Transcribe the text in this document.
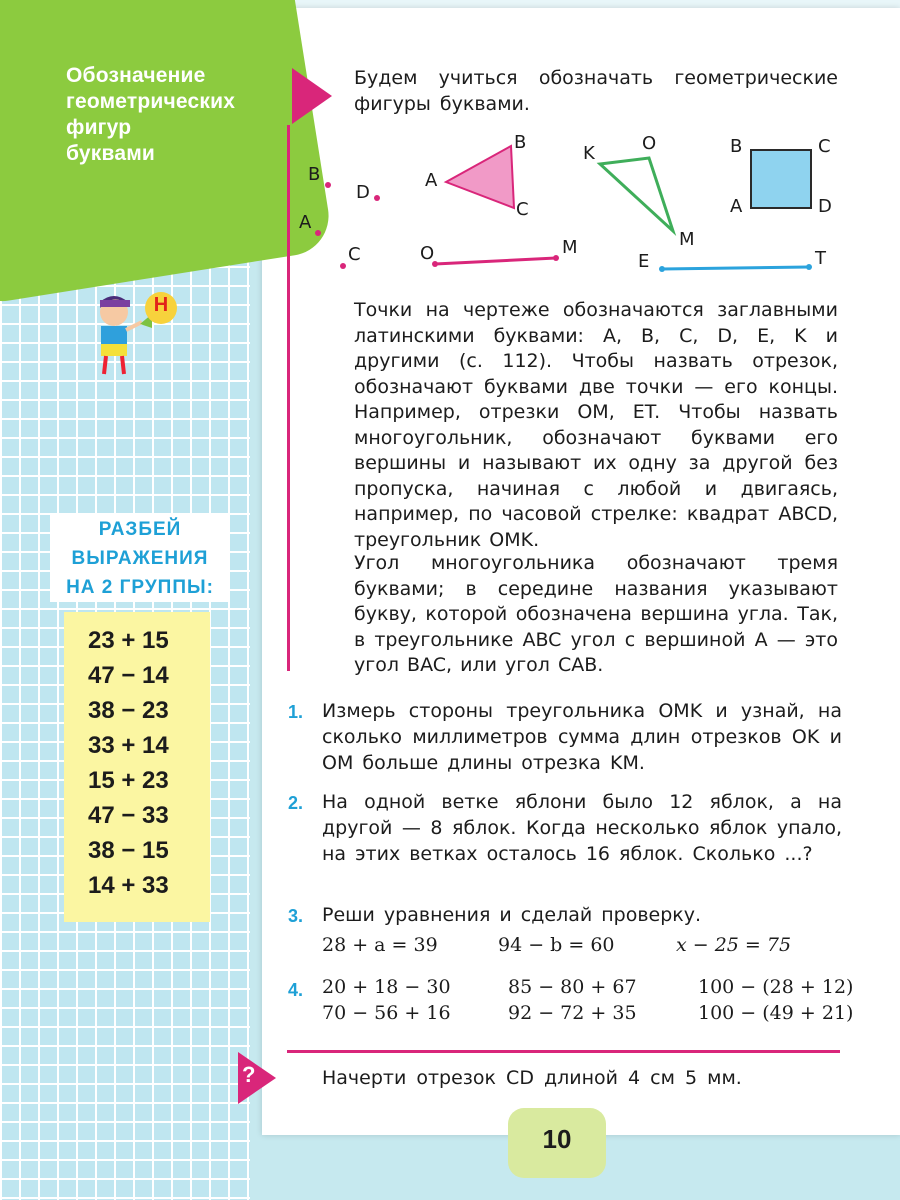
Обозначение
геометрических
фигур
буквами
Н
РАЗБЕЙ
ВЫРАЖЕНИЯ
НА 2 ГРУППЫ:
23 + 15
47 − 14
38 − 23
33 + 14
15 + 23
47 − 33
38 − 15
14 + 33
Будем учиться обозначать геометрические фигуры буквами.
B
D
A
C
A
B
C
O	M
K	O
M
E	T
B	C
A	D
Точки на чертеже обозначаются заглавными латинскими буквами: A, B, C, D, E, K и другими (с. 112). Чтобы назвать отрезок, обозначают буквами две точки — его концы. Например, отрезки OM, ET. Чтобы назвать многоугольник, обозначают буквами его вершины и называют их одну за другой без пропуска, начиная с любой и двигаясь, например, по часовой стрелке: квадрат ABCD, треугольник OMK.
Угол многоугольника обозначают тремя буквами; в середине названия указывают букву, которой обозначена вершина угла. Так, в треугольнике ABC угол с вершиной A — это угол BAC, или угол CAB.
1. Измерь стороны треугольника OMK и узнай, на сколько миллиметров сумма длин отрезков OK и OM больше длины отрезка KM.
2. На одной ветке яблони было 12 яблок, а на другой — 8 яблок. Когда несколько яблок упало, на этих ветках осталось 16 яблок. Сколько ...?
3. Реши уравнения и сделай проверку.
28 + a = 39	94 − b = 60	x − 25 = 75
4. 20 + 18 − 30	85 − 80 + 67	100 − (28 + 12)
70 − 56 + 16	92 − 72 + 35	100 − (49 + 21)
?	Начерти отрезок CD длиной 4 см 5 мм.
10
